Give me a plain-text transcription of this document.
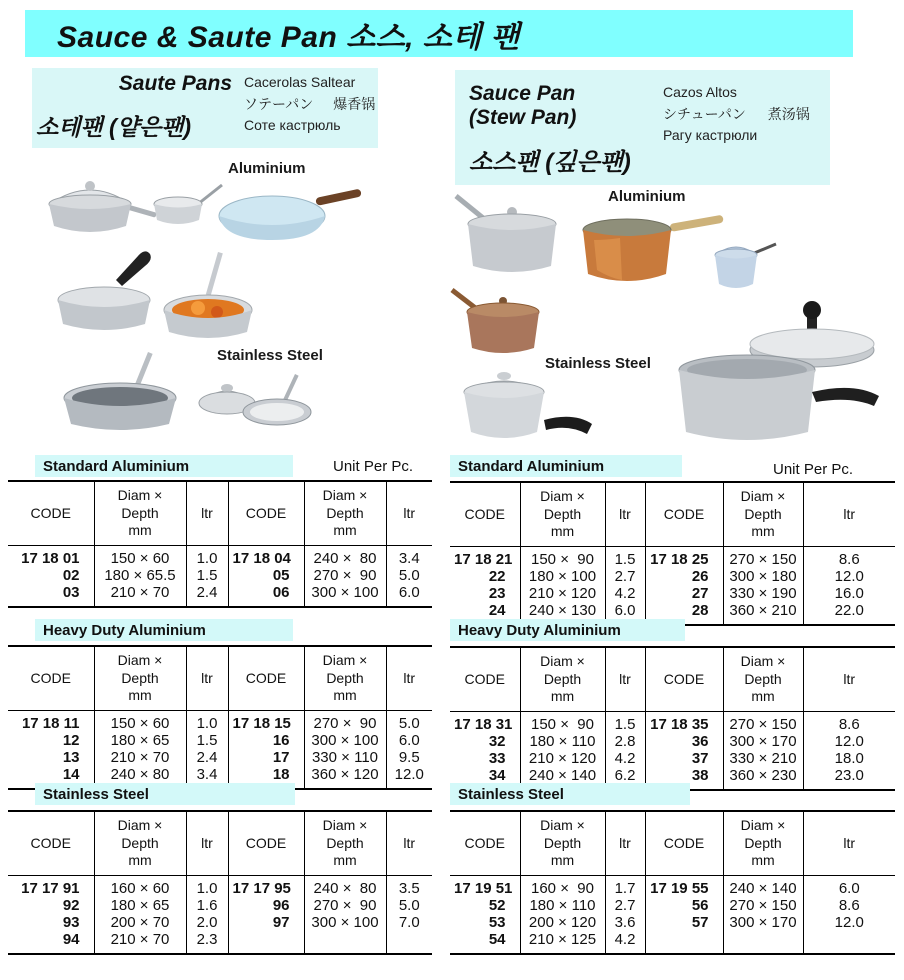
Sauce & Saute Pan 소스, 소테 팬
Saute Pans
소테팬 (얕은팬)
Cacerolas Saltear
ソテーパン 爆香锅
Соте кастрюль
Sauce Pan
(Stew Pan)
소스팬 (깊은팬)
Cazos Altos
シチューパン 煮汤锅
Рагу кастрюли
Aluminium
Stainless Steel
Aluminium
Stainless Steel
Standard Aluminium	Unit Per Pc.
CODE	Diam ×
Depth
mm	ltr	CODE	Diam ×
Depth
mm	ltr
17 18 01	150 × 60	1.0	17 18 04	240 ×  80	3.4
02	180 × 65.5	1.5	05	270 ×  90	5.0
03	210 × 70	2.4	06	300 × 100	6.0
Heavy Duty Aluminium
CODE	Diam ×
Depth
mm	ltr	CODE	Diam ×
Depth
mm	ltr
17 18 11	150 × 60	1.0	17 18 15	270 ×  90	5.0
12	180 × 65	1.5	16	300 × 100	6.0
13	210 × 70	2.4	17	330 × 110	9.5
14	240 × 80	3.4	18	360 × 120	12.0
Stainless Steel
CODE	Diam ×
Depth
mm	ltr	CODE	Diam ×
Depth
mm	ltr
17 17 91	160 × 60	1.0	17 17 95	240 ×  80	3.5
92	180 × 65	1.6	96	270 ×  90	5.0
93	200 × 70	2.0	97	300 × 100	7.0
94	210 × 70	2.3			
Standard Aluminium	Unit Per Pc.
CODE	Diam ×
Depth
mm	ltr	CODE	Diam ×
Depth
mm	ltr
17 18 21	150 ×  90	1.5	17 18 25	270 × 150	8.6
22	180 × 100	2.7	26	300 × 180	12.0
23	210 × 120	4.2	27	330 × 190	16.0
24	240 × 130	6.0	28	360 × 210	22.0
Heavy Duty Aluminium
CODE	Diam ×
Depth
mm	ltr	CODE	Diam ×
Depth
mm	ltr
17 18 31	150 ×  90	1.5	17 18 35	270 × 150	8.6
32	180 × 110	2.8	36	300 × 170	12.0
33	210 × 120	4.2	37	330 × 210	18.0
34	240 × 140	6.2	38	360 × 230	23.0
Stainless Steel
CODE	Diam ×
Depth
mm	ltr	CODE	Diam ×
Depth
mm	ltr
17 19 51	160 ×  90	1.7	17 19 55	240 × 140	6.0
52	180 × 110	2.7	56	270 × 150	8.6
53	200 × 120	3.6	57	300 × 170	12.0
54	210 × 125	4.2			
